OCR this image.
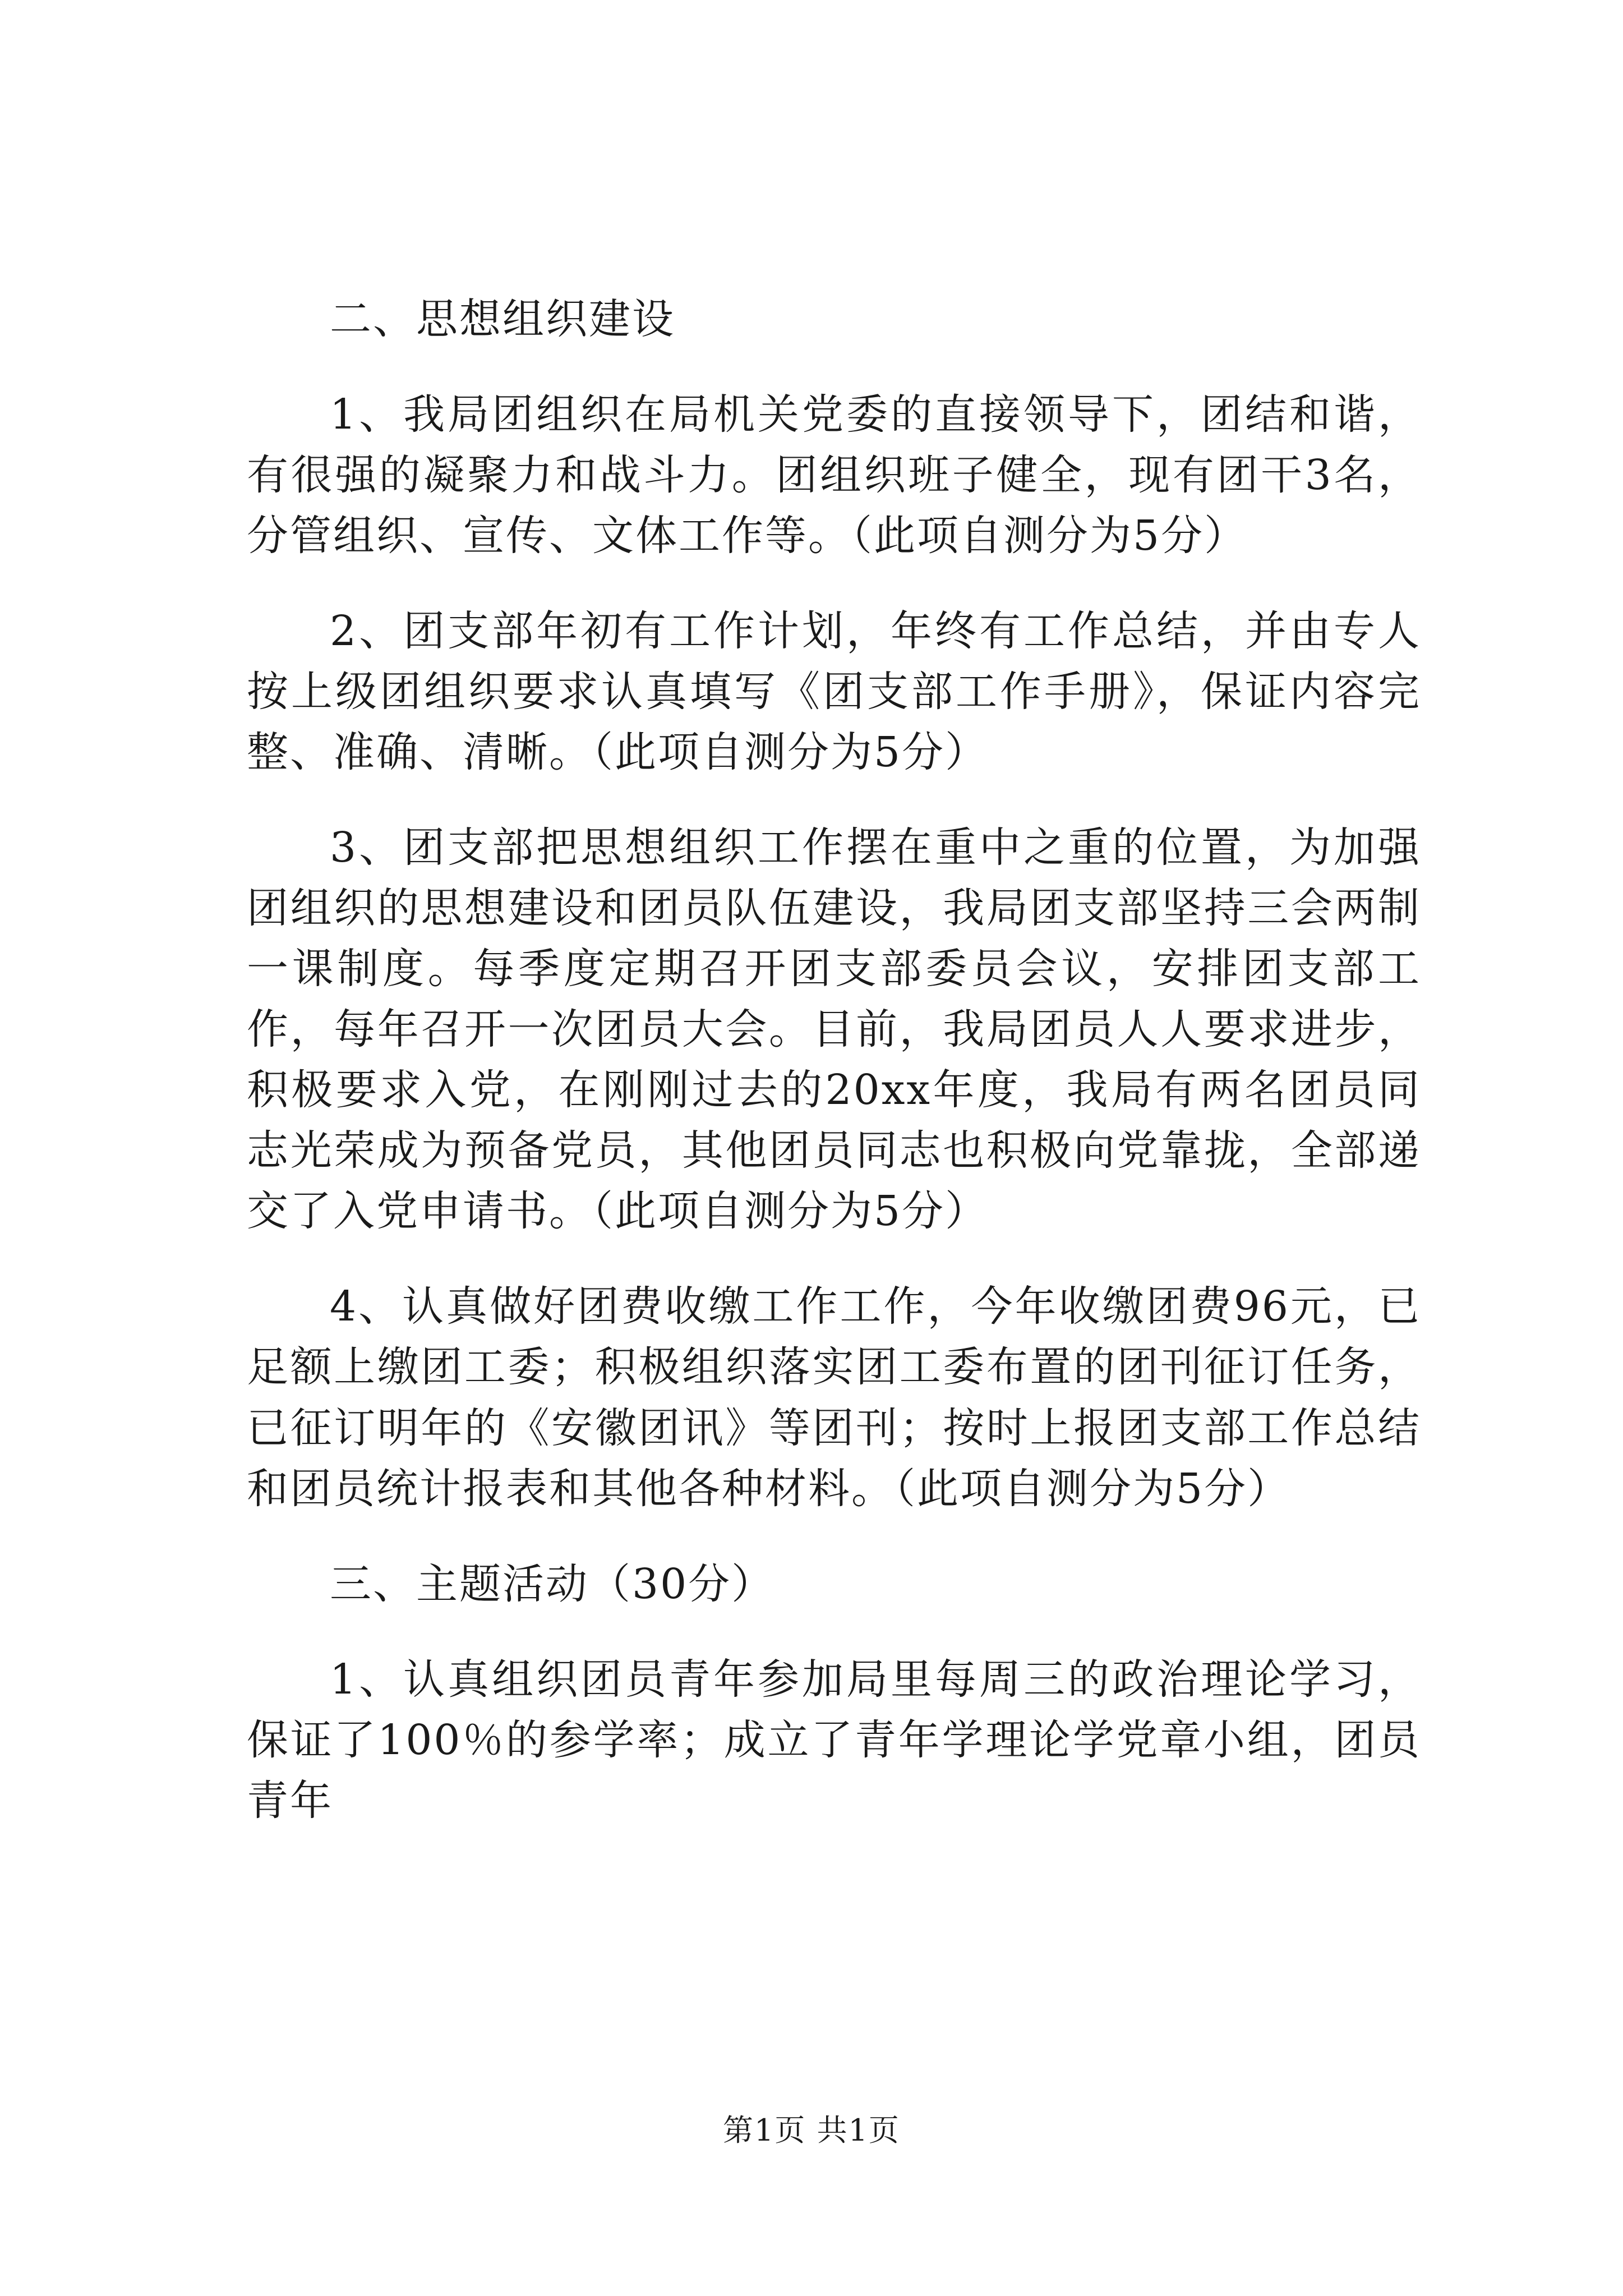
二、思想组织建设

1、我局团组织在局机关党委的直接领导下，团结和谐，有很强的凝聚力和战斗力。团组织班子健全，现有团干3名，分管组织、宣传、文体工作等。（此项自测分为5分）

2、团支部年初有工作计划，年终有工作总结，并由专人按上级团组织要求认真填写《团支部工作手册》，保证内容完整、准确、清晰。（此项自测分为5分）

3、团支部把思想组织工作摆在重中之重的位置，为加强团组织的思想建设和团员队伍建设，我局团支部坚持三会两制一课制度。每季度定期召开团支部委员会议，安排团支部工作，每年召开一次团员大会。目前，我局团员人人要求进步，积极要求入党，在刚刚过去的20xx年度，我局有两名团员同志光荣成为预备党员，其他团员同志也积极向党靠拢，全部递交了入党申请书。（此项自测分为5分）

4、认真做好团费收缴工作工作，今年收缴团费96元，已足额上缴团工委；积极组织落实团工委布置的团刊征订任务，已征订明年的《安徽团讯》等团刊；按时上报团支部工作总结和团员统计报表和其他各种材料。（此项自测分为5分）

三、主题活动（30分）

1、认真组织团员青年参加局里每周三的政治理论学习，保证了100％的参学率；成立了青年学理论学党章小组，团员青年

第1页 共1页
